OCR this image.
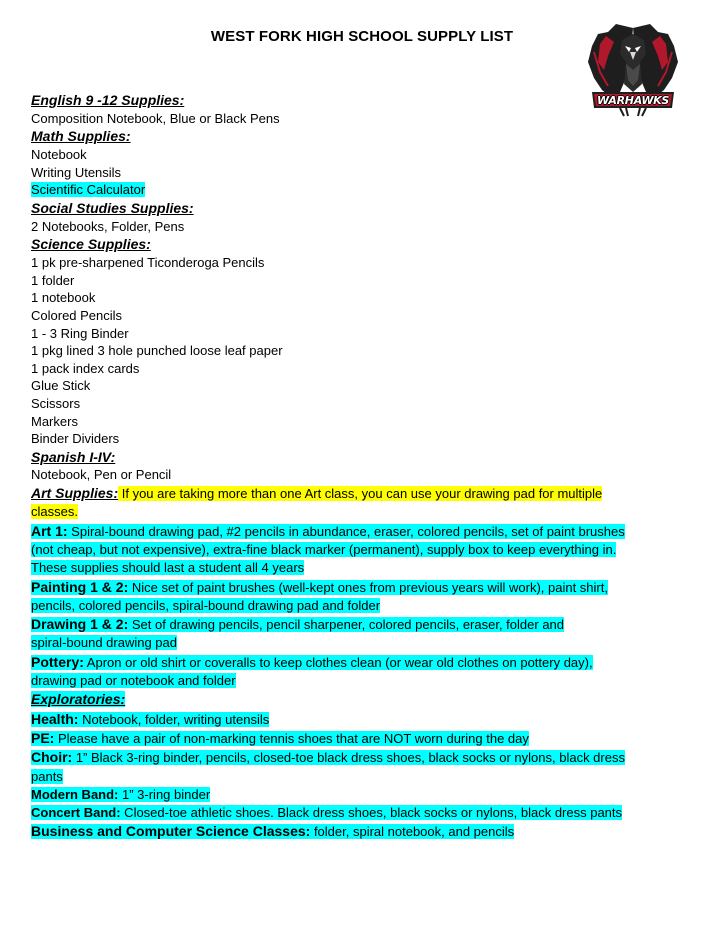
WEST FORK HIGH SCHOOL SUPPLY LIST
WARHAWKS
English 9 -12 Supplies:
Composition Notebook, Blue or Black Pens
Math Supplies:
Notebook
Writing Utensils
Scientific Calculator
Social Studies Supplies:
2 Notebooks, Folder, Pens
Science Supplies:
1 pk pre-sharpened Ticonderoga Pencils
1 folder
1 notebook
Colored Pencils
1 - 3 Ring Binder
1 pkg lined 3 hole punched loose leaf paper
1 pack index cards
Glue Stick
Scissors
Markers
Binder Dividers
Spanish I-IV:
Notebook, Pen or Pencil
Art Supplies: If you are taking more than one Art class, you can use your drawing pad for multiple
classes.
Art 1: Spiral-bound drawing pad, #2 pencils in abundance, eraser, colored pencils, set of paint brushes
(not cheap, but not expensive), extra-fine black marker (permanent), supply box to keep everything in.
These supplies should last a student all 4 years
Painting 1 & 2: Nice set of paint brushes (well-kept ones from previous years will work), paint shirt,
pencils, colored pencils, spiral-bound drawing pad and folder
Drawing 1 & 2: Set of drawing pencils, pencil sharpener, colored pencils, eraser, folder and
spiral-bound drawing pad
Pottery: Apron or old shirt or coveralls to keep clothes clean (or wear old clothes on pottery day),
drawing pad or notebook and folder
Exploratories:
Health: Notebook, folder, writing utensils
PE: Please have a pair of non-marking tennis shoes that are NOT worn during the day
Choir: 1” Black 3-ring binder, pencils, closed-toe black dress shoes, black socks or nylons, black dress
pants
Modern Band: 1” 3-ring binder
Concert Band: Closed-toe athletic shoes. Black dress shoes, black socks or nylons, black dress pants
Business and Computer Science Classes: folder, spiral notebook, and pencils
